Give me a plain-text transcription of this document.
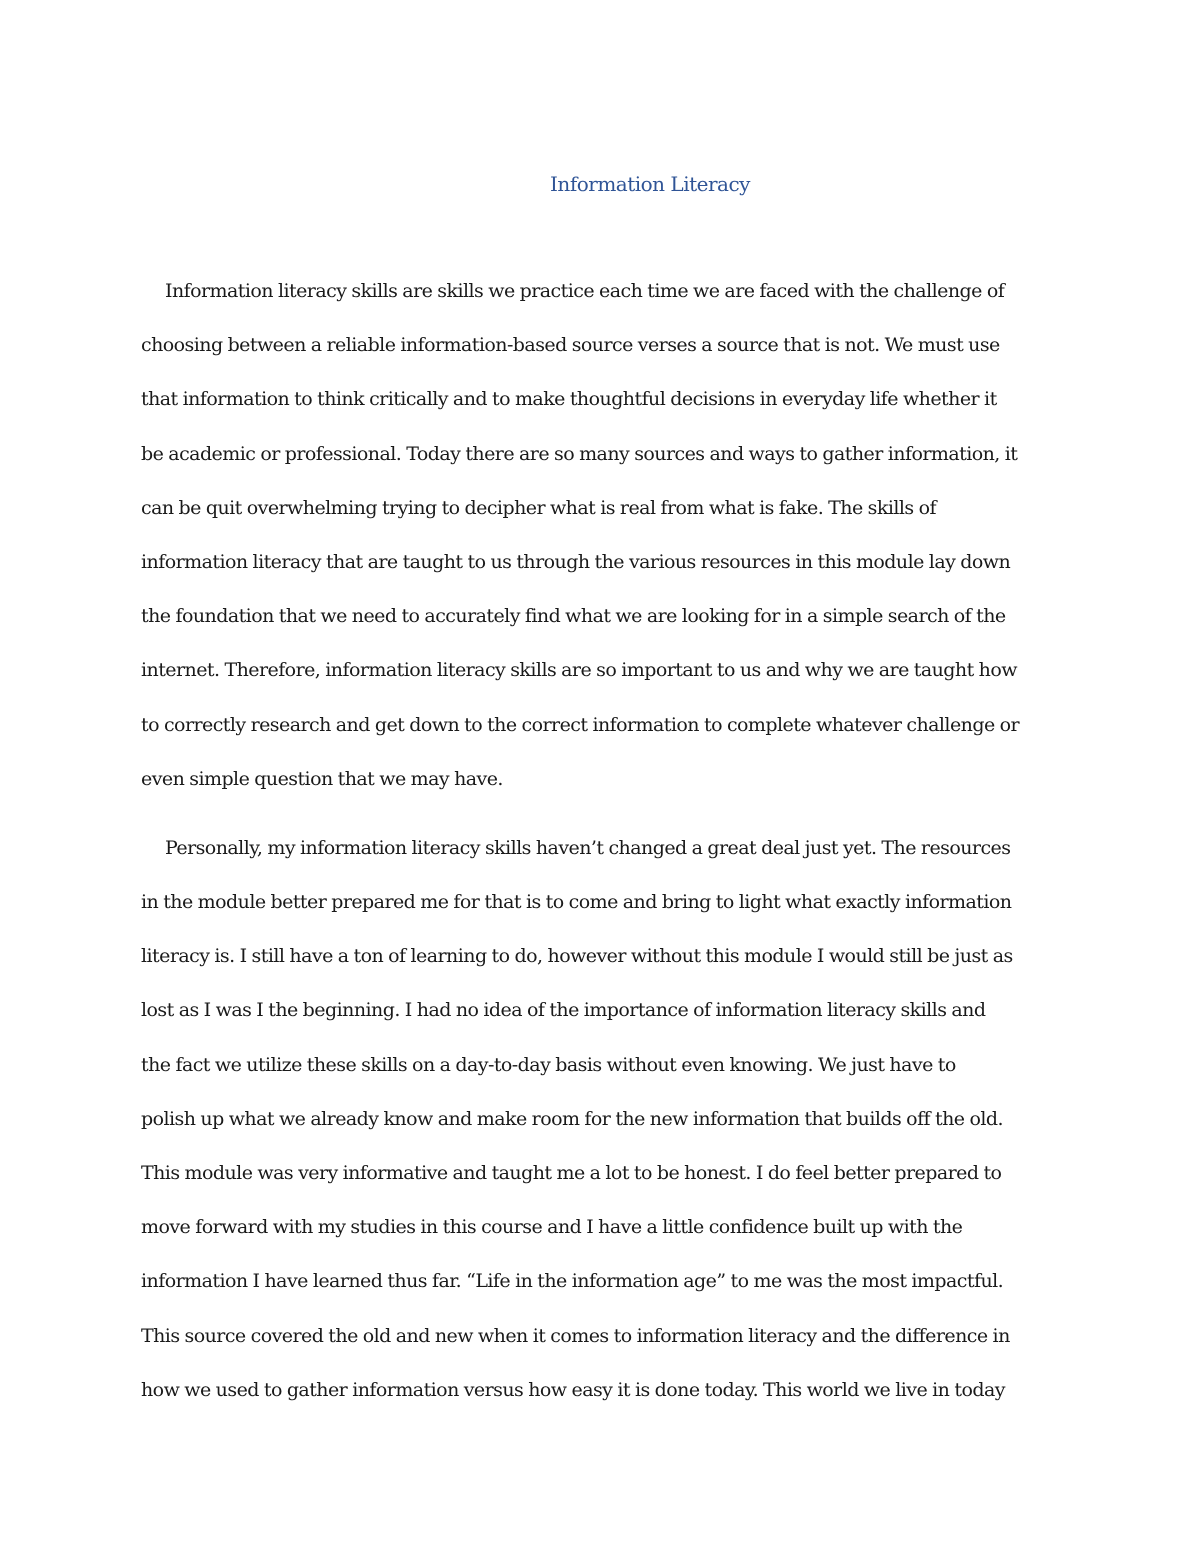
Information Literacy

Information literacy skills are skills we practice each time we are faced with the challenge of
choosing between a reliable information-based source verses a source that is not. We must use
that information to think critically and to make thoughtful decisions in everyday life whether it
be academic or professional. Today there are so many sources and ways to gather information, it
can be quit overwhelming trying to decipher what is real from what is fake. The skills of
information literacy that are taught to us through the various resources in this module lay down
the foundation that we need to accurately find what we are looking for in a simple search of the
internet. Therefore, information literacy skills are so important to us and why we are taught how
to correctly research and get down to the correct information to complete whatever challenge or
even simple question that we may have.

Personally, my information literacy skills haven’t changed a great deal just yet. The resources
in the module better prepared me for that is to come and bring to light what exactly information
literacy is. I still have a ton of learning to do, however without this module I would still be just as
lost as I was I the beginning. I had no idea of the importance of information literacy skills and
the fact we utilize these skills on a day-to-day basis without even knowing. We just have to
polish up what we already know and make room for the new information that builds off the old.
This module was very informative and taught me a lot to be honest. I do feel better prepared to
move forward with my studies in this course and I have a little confidence built up with the
information I have learned thus far. “Life in the information age” to me was the most impactful.
This source covered the old and new when it comes to information literacy and the difference in
how we used to gather information versus how easy it is done today. This world we live in today
